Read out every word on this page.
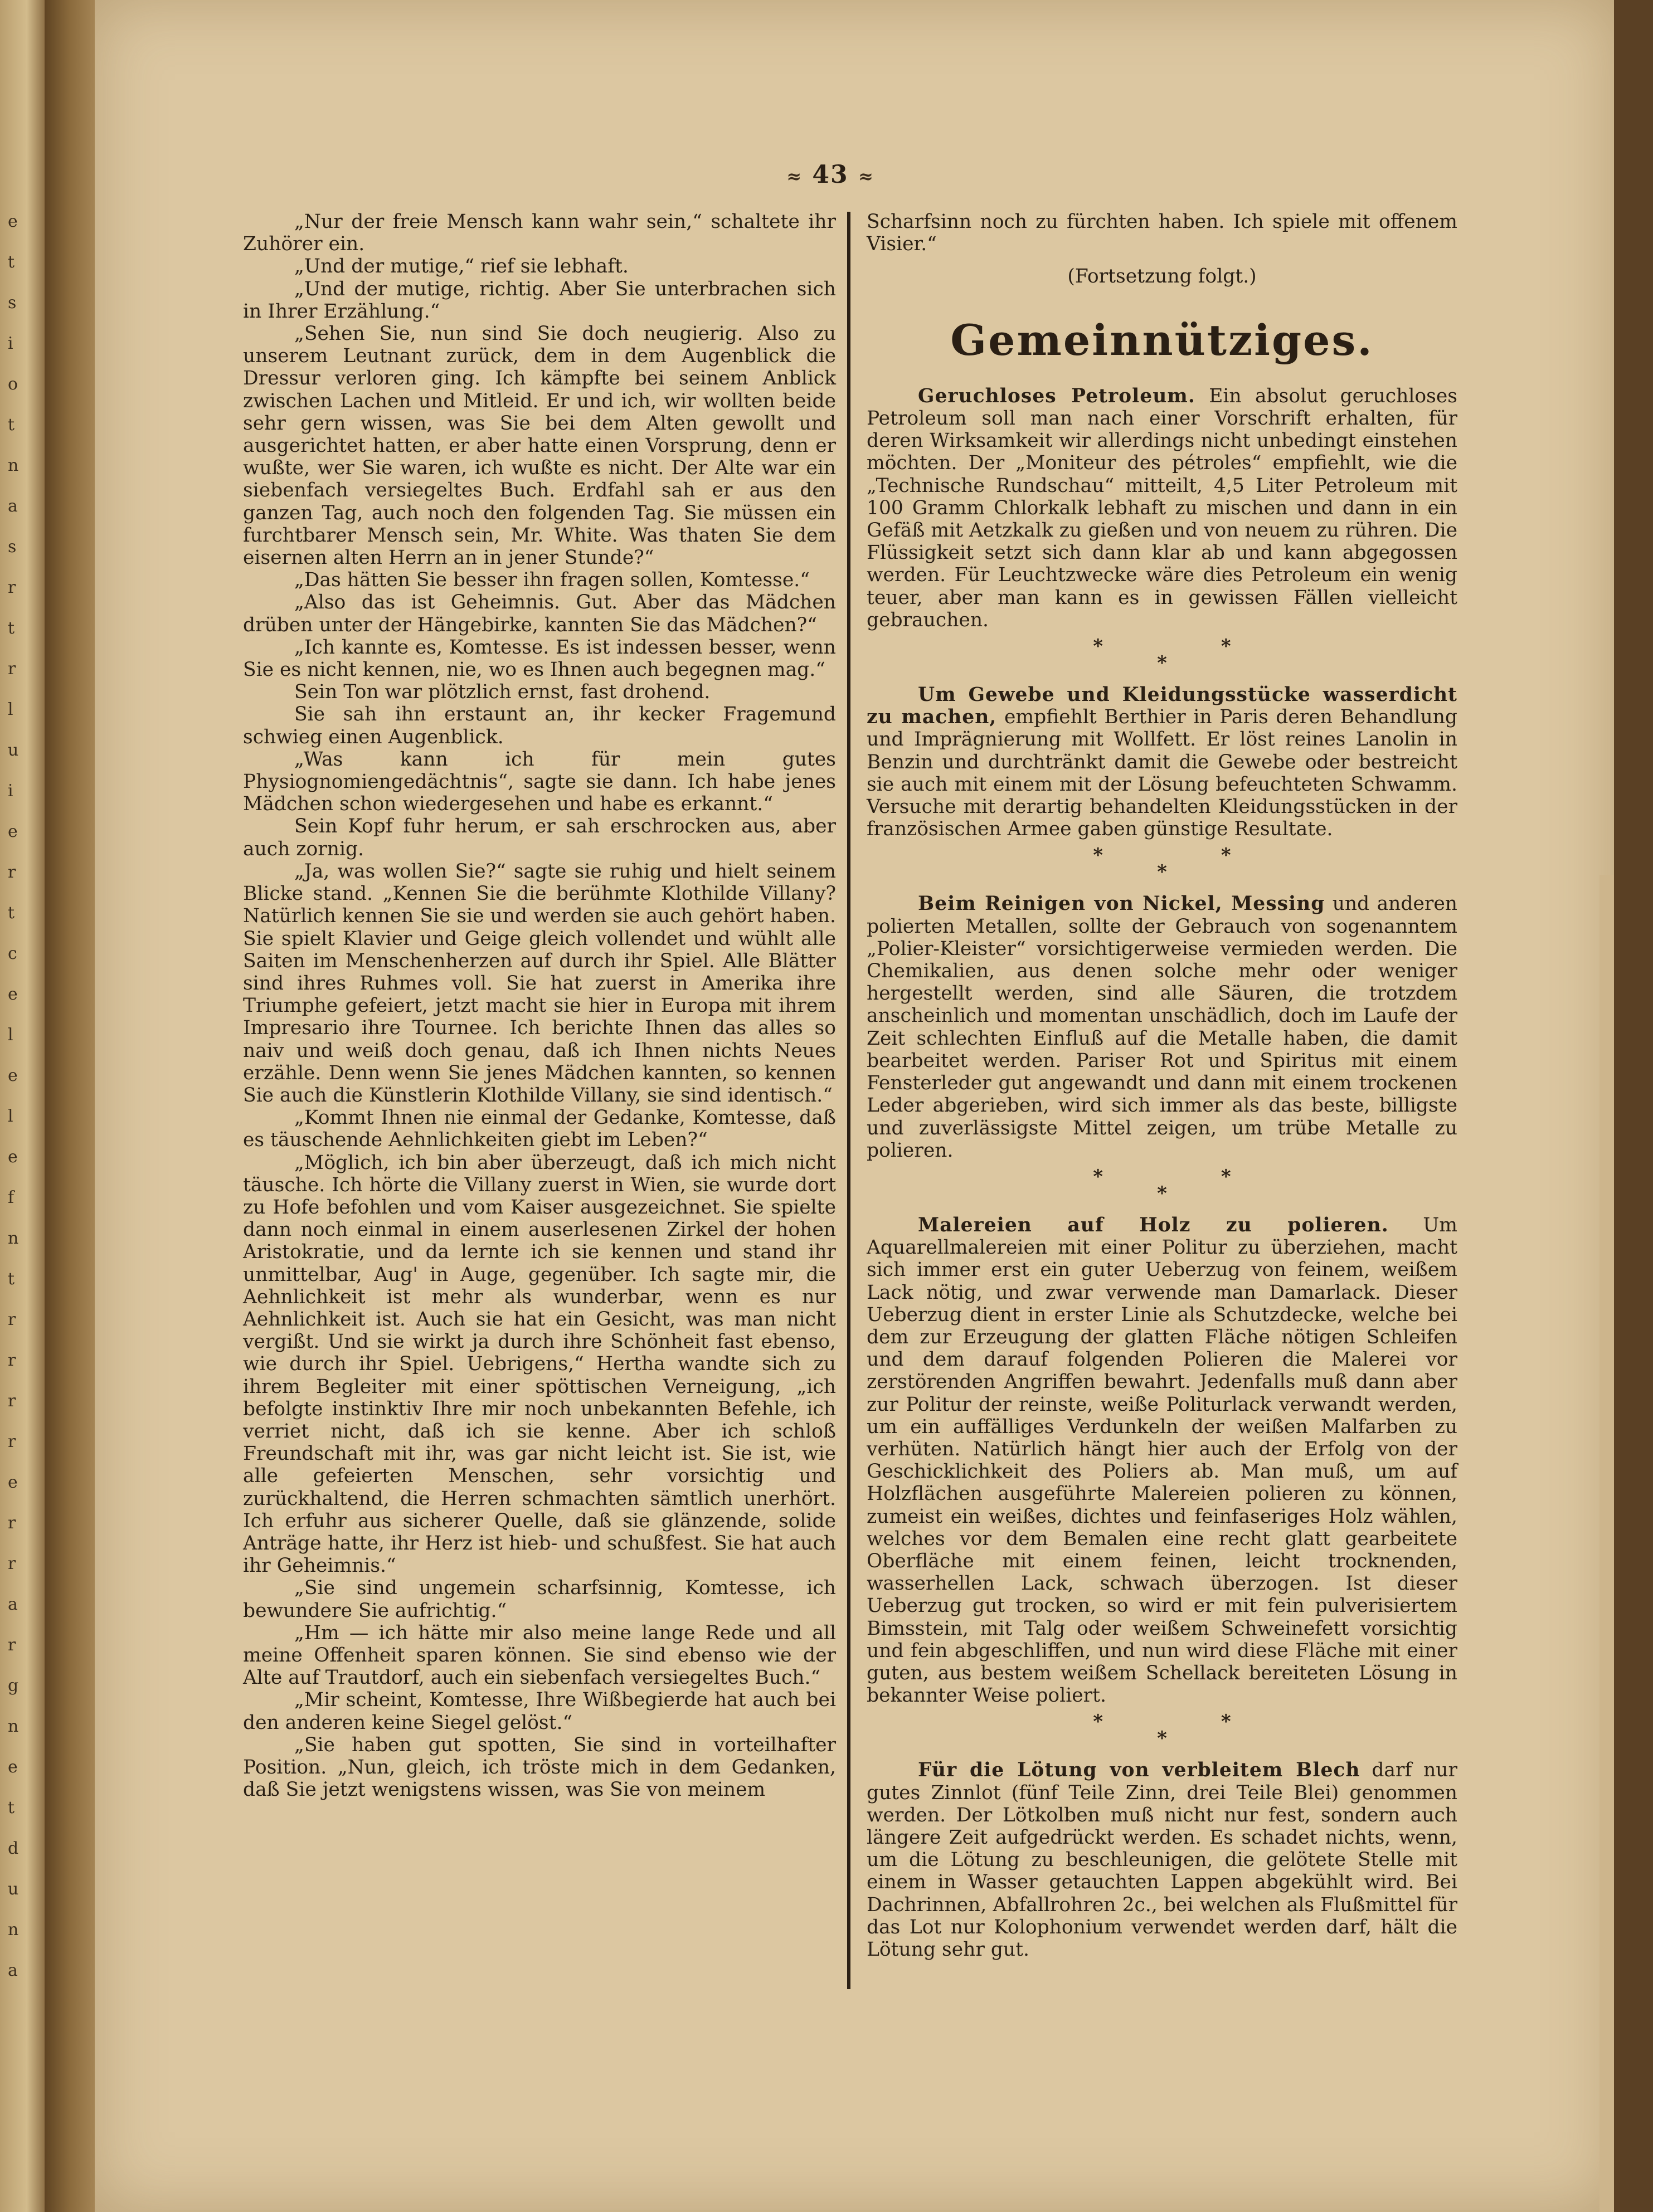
e
t
s
i
o
t
n
a
s
r
t
r
l
u
i
e
r
t
c
e
l
e
l
e
f
n
t
r
r
r
r
e
r
r
a
r
g
n
e
t
d
u
n
a
≈ 43 ≈

„Nur der freie Mensch kann wahr sein,“ schaltete ihr Zuhörer ein.

„Und der mutige,“ rief sie lebhaft.

„Und der mutige, richtig. Aber Sie unterbrachen sich in Ihrer Erzählung.“

„Sehen Sie, nun sind Sie doch neugierig. Also zu unserem Leutnant zurück, dem in dem Augenblick die Dressur verloren ging. Ich kämpfte bei seinem Anblick zwischen Lachen und Mitleid. Er und ich, wir wollten beide sehr gern wissen, was Sie bei dem Alten gewollt und ausgerichtet hatten, er aber hatte einen Vorsprung, denn er wußte, wer Sie waren, ich wußte es nicht. Der Alte war ein siebenfach versiegeltes Buch. Erdfahl sah er aus den ganzen Tag, auch noch den folgenden Tag. Sie müssen ein furchtbarer Mensch sein, Mr. White. Was thaten Sie dem eisernen alten Herrn an in jener Stunde?“

„Das hätten Sie besser ihn fragen sollen, Komtesse.“

„Also das ist Geheimnis. Gut. Aber das Mädchen drüben unter der Hängebirke, kannten Sie das Mädchen?“

„Ich kannte es, Komtesse. Es ist indessen besser, wenn Sie es nicht kennen, nie, wo es Ihnen auch begegnen mag.“

Sein Ton war plötzlich ernst, fast drohend.

Sie sah ihn erstaunt an, ihr kecker Fragemund schwieg einen Augenblick.

„Was kann ich für mein gutes Physiognomiengedächtnis“, sagte sie dann. Ich habe jenes Mädchen schon wiedergesehen und habe es erkannt.“

Sein Kopf fuhr herum, er sah erschrocken aus, aber auch zornig.

„Ja, was wollen Sie?“ sagte sie ruhig und hielt seinem Blicke stand. „Kennen Sie die berühmte Klothilde Villany? Natürlich kennen Sie sie und werden sie auch gehört haben. Sie spielt Klavier und Geige gleich vollendet und wühlt alle Saiten im Menschenherzen auf durch ihr Spiel. Alle Blätter sind ihres Ruhmes voll. Sie hat zuerst in Amerika ihre Triumphe gefeiert, jetzt macht sie hier in Europa mit ihrem Impresario ihre Tournee. Ich berichte Ihnen das alles so naiv und weiß doch genau, daß ich Ihnen nichts Neues erzähle. Denn wenn Sie jenes Mädchen kannten, so kennen Sie auch die Künstlerin Klothilde Villany, sie sind identisch.“

„Kommt Ihnen nie einmal der Gedanke, Komtesse, daß es täuschende Aehnlichkeiten giebt im Leben?“

„Möglich, ich bin aber überzeugt, daß ich mich nicht täusche. Ich hörte die Villany zuerst in Wien, sie wurde dort zu Hofe befohlen und vom Kaiser ausgezeichnet. Sie spielte dann noch einmal in einem auserlesenen Zirkel der hohen Aristokratie, und da lernte ich sie kennen und stand ihr unmittelbar, Aug' in Auge, gegenüber. Ich sagte mir, die Aehnlichkeit ist mehr als wunderbar, wenn es nur Aehnlichkeit ist. Auch sie hat ein Gesicht, was man nicht vergißt. Und sie wirkt ja durch ihre Schönheit fast ebenso, wie durch ihr Spiel. Uebrigens,“ Hertha wandte sich zu ihrem Begleiter mit einer spöttischen Verneigung, „ich befolgte instinktiv Ihre mir noch unbekannten Befehle, ich verriet nicht, daß ich sie kenne. Aber ich schloß Freundschaft mit ihr, was gar nicht leicht ist. Sie ist, wie alle gefeierten Menschen, sehr vorsichtig und zurückhaltend, die Herren schmachten sämtlich unerhört. Ich erfuhr aus sicherer Quelle, daß sie glänzende, solide Anträge hatte, ihr Herz ist hieb- und schußfest. Sie hat auch ihr Geheimnis.“

„Sie sind ungemein scharfsinnig, Komtesse, ich bewundere Sie aufrichtig.“

„Hm — ich hätte mir also meine lange Rede und all meine Offenheit sparen können. Sie sind ebenso wie der Alte auf Trautdorf, auch ein siebenfach versiegeltes Buch.“

„Mir scheint, Komtesse, Ihre Wißbegierde hat auch bei den anderen keine Siegel gelöst.“

„Sie haben gut spotten, Sie sind in vorteilhafter Position. „Nun, gleich, ich tröste mich in dem Gedanken, daß Sie jetzt wenigstens wissen, was Sie von meinem

Scharfsinn noch zu fürchten haben. Ich spiele mit offenem Visier.“

(Fortsetzung folgt.)
Gemeinnütziges.

Geruchloses Petroleum. Ein absolut geruchloses Petroleum soll man nach einer Vorschrift erhalten, für deren Wirksamkeit wir allerdings nicht unbedingt einstehen möchten. Der „Moniteur des pétroles“ empfiehlt, wie die „Technische Rundschau“ mitteilt, 4,5 Liter Petroleum mit 100 Gramm Chlorkalk lebhaft zu mischen und dann in ein Gefäß mit Aetzkalk zu gießen und von neuem zu rühren. Die Flüssigkeit setzt sich dann klar ab und kann abgegossen werden. Für Leuchtzwecke wäre dies Petroleum ein wenig teuer, aber man kann es in gewissen Fällen vielleicht gebrauchen.

* *
*

Um Gewebe und Kleidungsstücke wasserdicht zu machen, empfiehlt Berthier in Paris deren Behandlung und Imprägnierung mit Wollfett. Er löst reines Lanolin in Benzin und durchtränkt damit die Gewebe oder bestreicht sie auch mit einem mit der Lösung befeuchteten Schwamm. Versuche mit derartig behandelten Kleidungsstücken in der französischen Armee gaben günstige Resultate.

* *
*

Beim Reinigen von Nickel, Messing und anderen polierten Metallen, sollte der Gebrauch von sogenanntem „Polier-Kleister“ vorsichtigerweise vermieden werden. Die Chemikalien, aus denen solche mehr oder weniger hergestellt werden, sind alle Säuren, die trotzdem anscheinlich und momentan unschädlich, doch im Laufe der Zeit schlechten Einfluß auf die Metalle haben, die damit bearbeitet werden. Pariser Rot und Spiritus mit einem Fensterleder gut angewandt und dann mit einem trockenen Leder abgerieben, wird sich immer als das beste, billigste und zuverlässigste Mittel zeigen, um trübe Metalle zu polieren.

* *
*

Malereien auf Holz zu polieren. Um Aquarellmalereien mit einer Politur zu überziehen, macht sich immer erst ein guter Ueberzug von feinem, weißem Lack nötig, und zwar verwende man Damarlack. Dieser Ueberzug dient in erster Linie als Schutzdecke, welche bei dem zur Erzeugung der glatten Fläche nötigen Schleifen und dem darauf folgenden Polieren die Malerei vor zerstörenden Angriffen bewahrt. Jedenfalls muß dann aber zur Politur der reinste, weiße Politurlack verwandt werden, um ein auffälliges Verdunkeln der weißen Malfarben zu verhüten. Natürlich hängt hier auch der Erfolg von der Geschicklichkeit des Poliers ab. Man muß, um auf Holzflächen ausgeführte Malereien polieren zu können, zumeist ein weißes, dichtes und feinfaseriges Holz wählen, welches vor dem Bemalen eine recht glatt gearbeitete Oberfläche mit einem feinen, leicht trocknenden, wasserhellen Lack, schwach überzogen. Ist dieser Ueberzug gut trocken, so wird er mit fein pulverisiertem Bimsstein, mit Talg oder weißem Schweinefett vorsichtig und fein abgeschliffen, und nun wird diese Fläche mit einer guten, aus bestem weißem Schellack bereiteten Lösung in bekannter Weise poliert.

* *
*

Für die Lötung von verbleitem Blech darf nur gutes Zinnlot (fünf Teile Zinn, drei Teile Blei) genommen werden. Der Lötkolben muß nicht nur fest, sondern auch längere Zeit aufgedrückt werden. Es schadet nichts, wenn, um die Lötung zu beschleunigen, die gelötete Stelle mit einem in Wasser getauchten Lappen abgekühlt wird. Bei Dachrinnen, Abfallrohren 2c., bei welchen als Flußmittel für das Lot nur Kolophonium verwendet werden darf, hält die Lötung sehr gut.
